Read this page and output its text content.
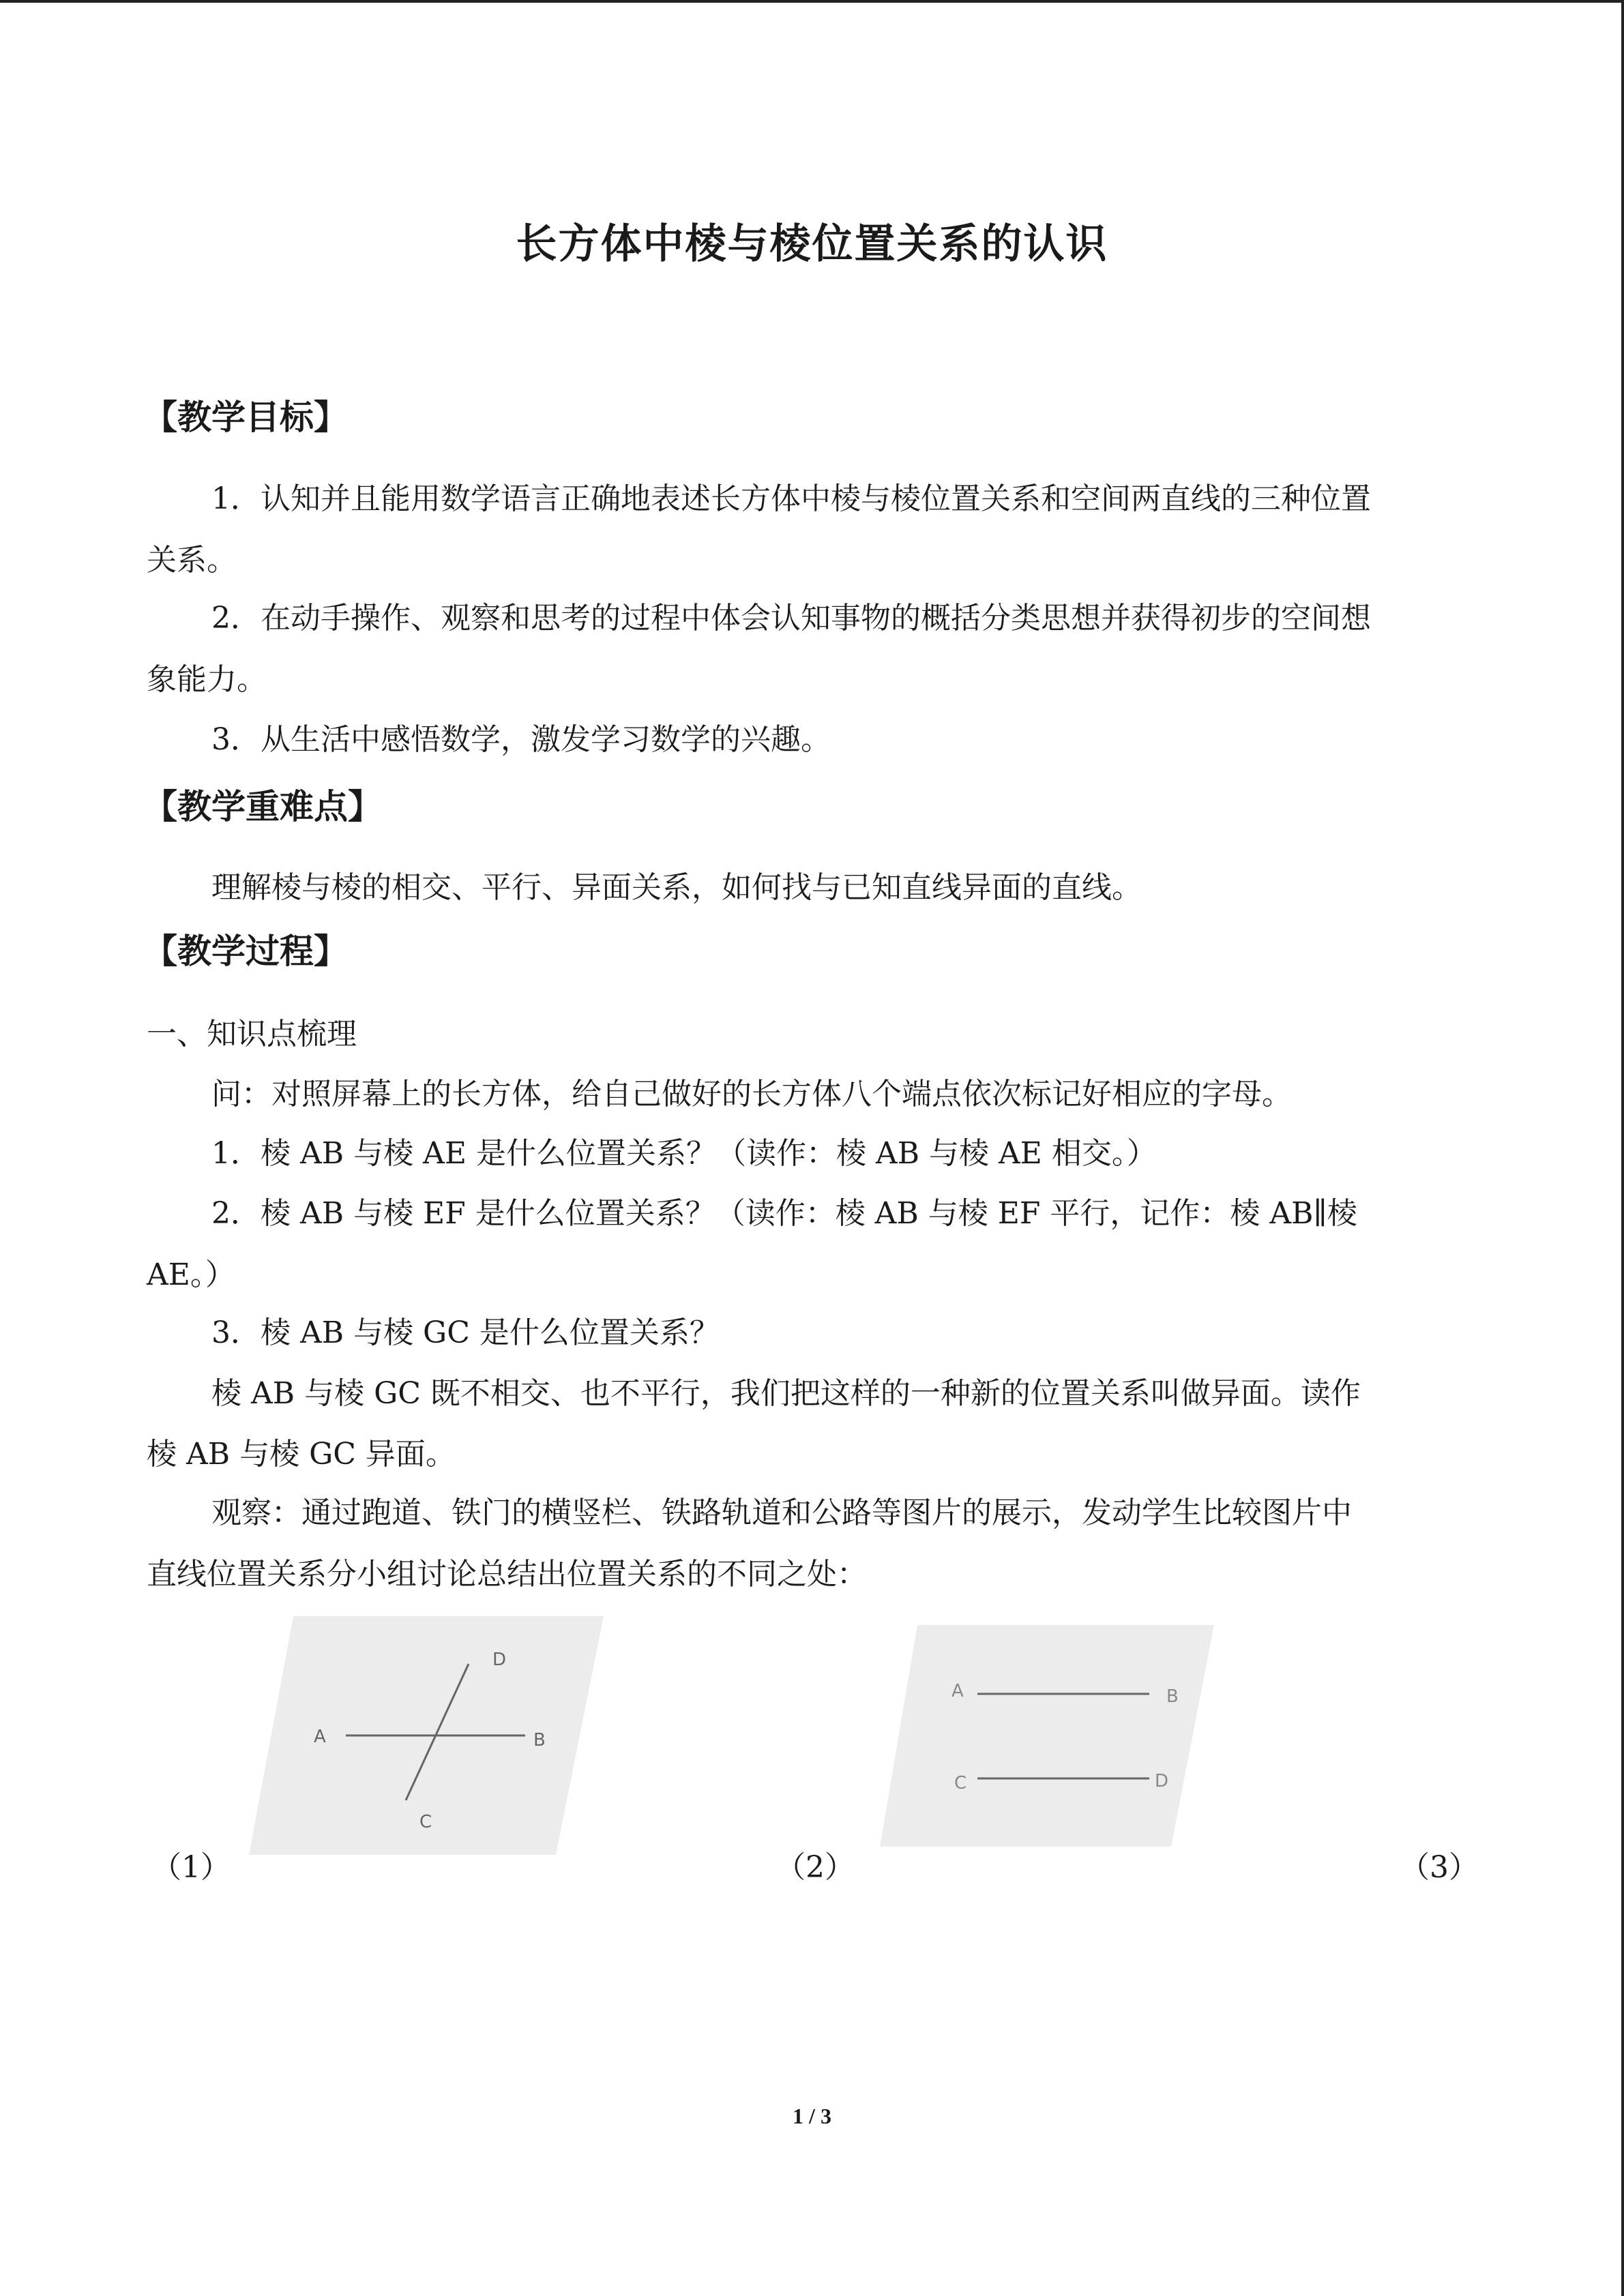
长方体中棱与棱位置关系的认识
【教学目标】
1．认知并且能用数学语言正确地表述长方体中棱与棱位置关系和空间两直线的三种位置
关系。
2．在动手操作、观察和思考的过程中体会认知事物的概括分类思想并获得初步的空间想
象能力。
3．从生活中感悟数学，激发学习数学的兴趣。
【教学重难点】
理解棱与棱的相交、平行、异面关系，如何找与已知直线异面的直线。
【教学过程】
一、知识点梳理
问：对照屏幕上的长方体，给自己做好的长方体八个端点依次标记好相应的字母。
1．棱 AB 与棱 AE 是什么位置关系？（读作：棱 AB 与棱 AE 相交。）
2．棱 AB 与棱 EF 是什么位置关系？（读作：棱 AB 与棱 EF 平行，记作：棱 AB∥棱
AE。）
3．棱 AB 与棱 GC 是什么位置关系？
棱 AB 与棱 GC 既不相交、也不平行，我们把这样的一种新的位置关系叫做异面。读作
棱 AB 与棱 GC 异面。
观察：通过跑道、铁门的横竖栏、铁路轨道和公路等图片的展示，发动学生比较图片中
直线位置关系分小组讨论总结出位置关系的不同之处：
A	B
C
D
A	B
C	D
（1）	（2）	（3）
1 / 3
